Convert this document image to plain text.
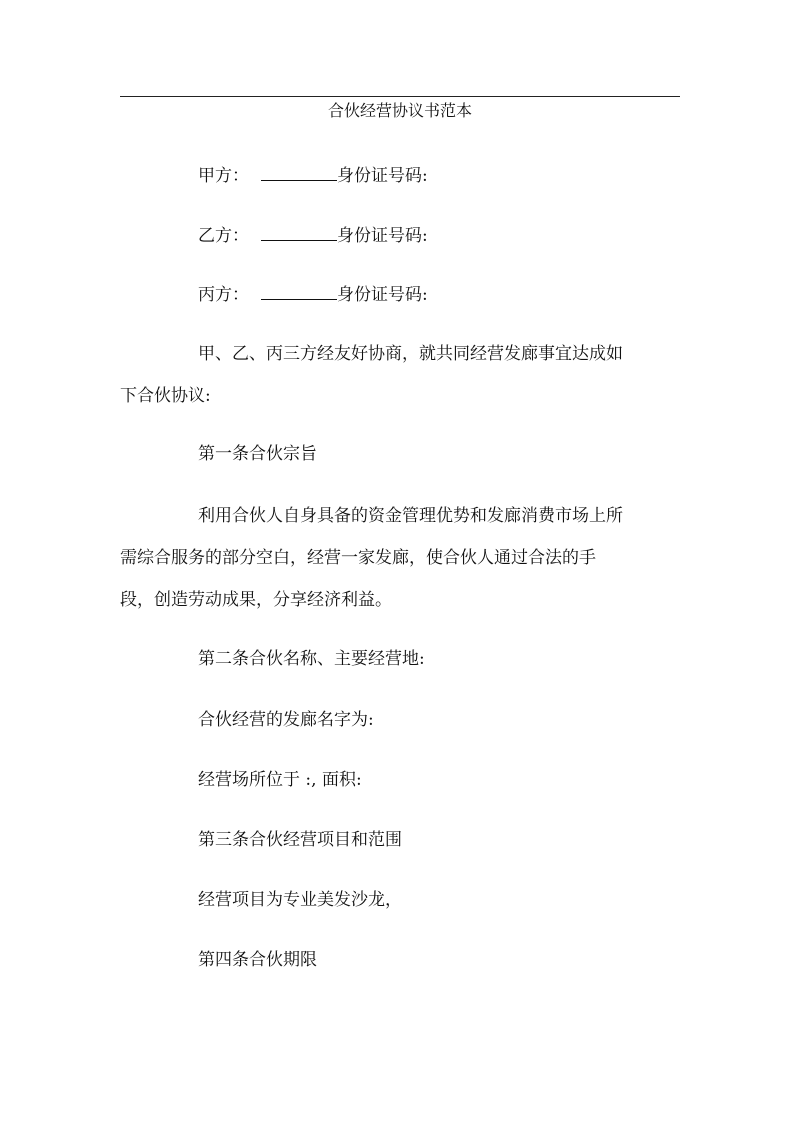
合伙经营协议书范本
甲方：	身份证号码:
乙方：	身份证号码:
丙方：	身份证号码:
甲、乙、丙三方经友好协商，就共同经营发廊事宜达成如
下合伙协议:
第一条合伙宗旨
利用合伙人自身具备的资金管理优势和发廊消费市场上所
需综合服务的部分空白，经营一家发廊，使合伙人通过合法的手
段，创造劳动成果，分享经济利益。
第二条合伙名称、主要经营地:
合伙经营的发廊名字为:
经营场所位于 :, 面积:
第三条合伙经营项目和范围
经营项目为专业美发沙龙，
第四条合伙期限
